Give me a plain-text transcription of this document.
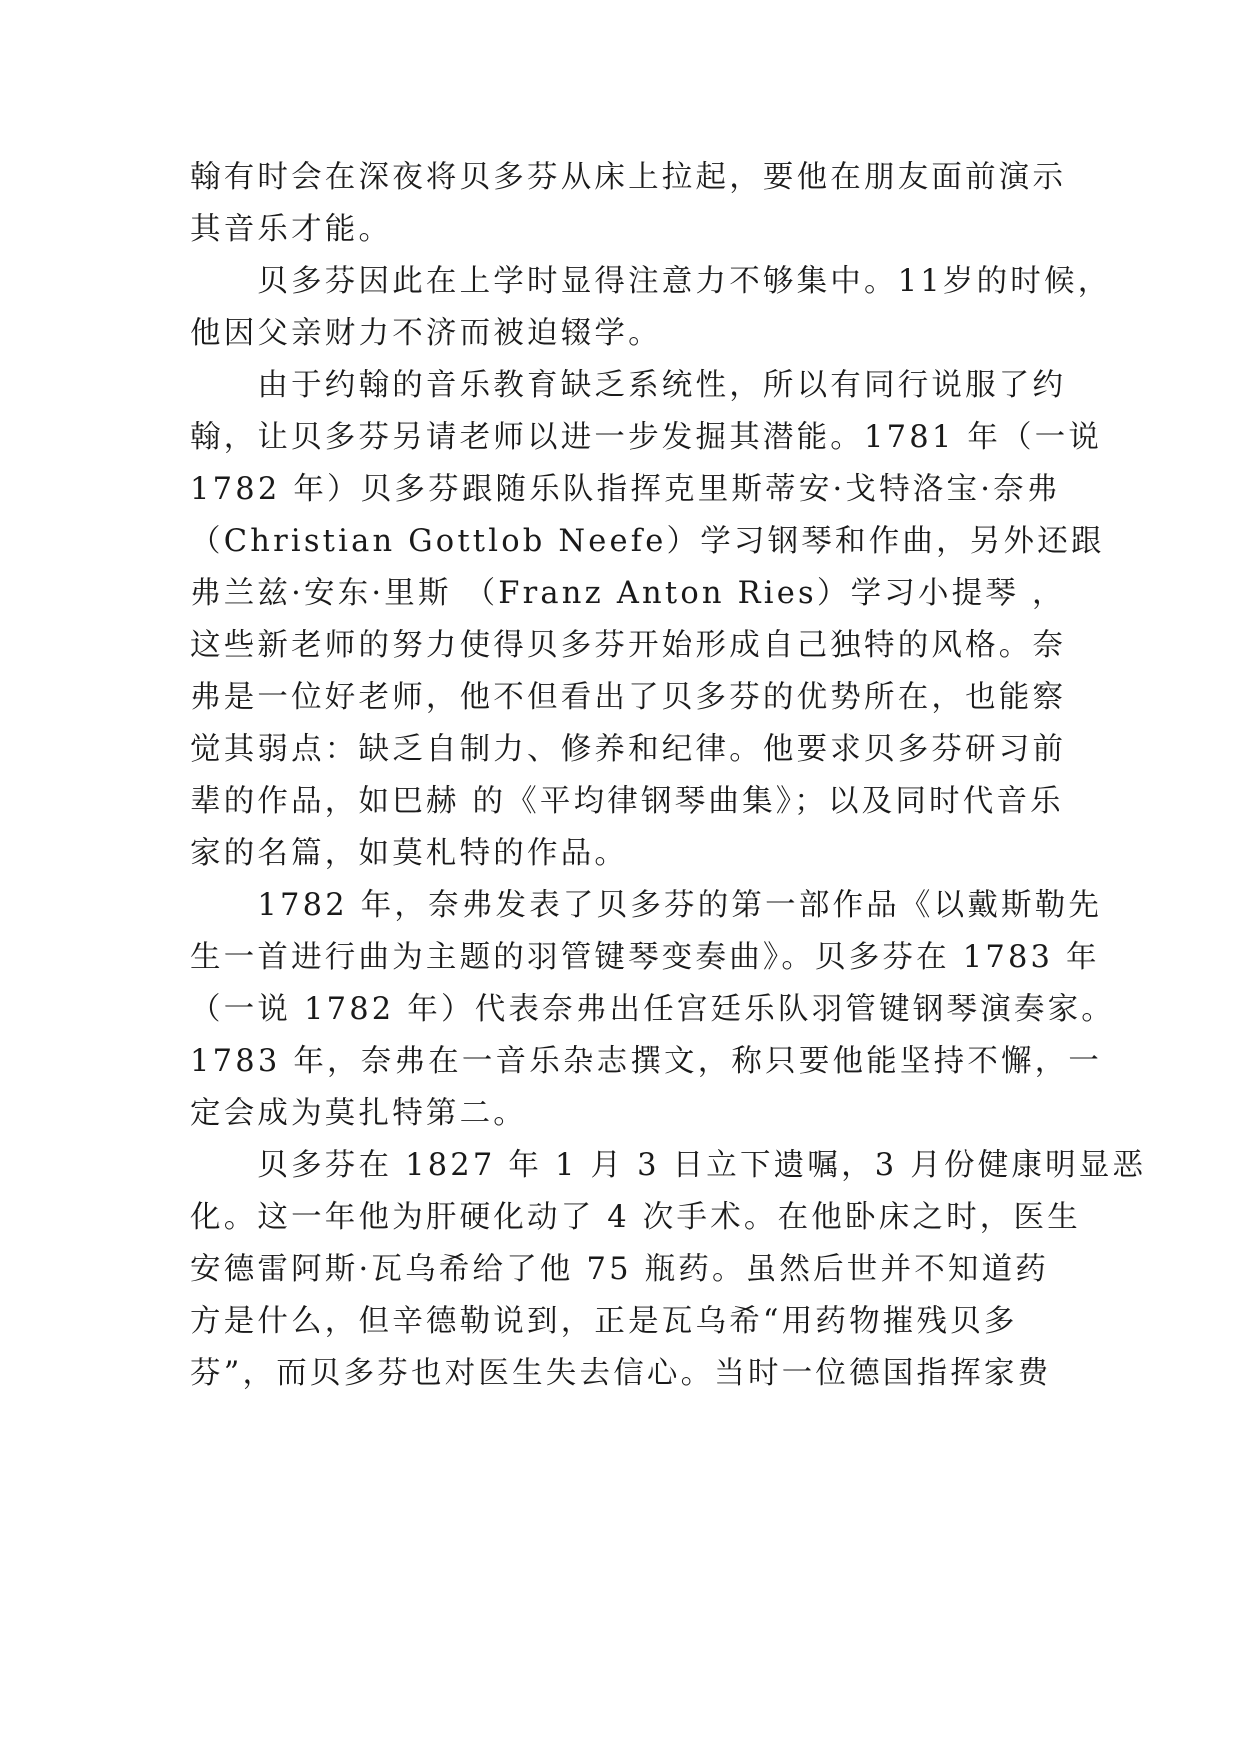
翰有时会在深夜将贝多芬从床上拉起，要他在朋友面前演示
其音乐才能。
　　贝多芬因此在上学时显得注意力不够集中。11岁的时候，
他因父亲财力不济而被迫辍学。
　　由于约翰的音乐教育缺乏系统性，所以有同行说服了约
翰，让贝多芬另请老师以进一步发掘其潜能。1781 年（一说
1782 年）贝多芬跟随乐队指挥克里斯蒂安·戈特洛宝·奈弗
（Christian Gottlob Neefe）学习钢琴和作曲，另外还跟
弗兰兹·安东·里斯 （Franz Anton Ries）学习小提琴 ，
这些新老师的努力使得贝多芬开始形成自己独特的风格。奈
弗是一位好老师，他不但看出了贝多芬的优势所在，也能察
觉其弱点：缺乏自制力、修养和纪律。他要求贝多芬研习前
辈的作品，如巴赫 的《平均律钢琴曲集》；以及同时代音乐
家的名篇，如莫札特的作品。
　　1782 年，奈弗发表了贝多芬的第一部作品《以戴斯勒先
生一首进行曲为主题的羽管键琴变奏曲》。贝多芬在 1783 年
（一说 1782 年）代表奈弗出任宫廷乐队羽管键钢琴演奏家。
1783 年，奈弗在一音乐杂志撰文，称只要他能坚持不懈，一
定会成为莫扎特第二。
　　贝多芬在 1827 年 1 月 3 日立下遗嘱，3 月份健康明显恶
化。这一年他为肝硬化动了 4 次手术。在他卧床之时，医生
安德雷阿斯·瓦乌希给了他 75 瓶药。虽然后世并不知道药
方是什么，但辛德勒说到，正是瓦乌希“用药物摧残贝多
芬”，而贝多芬也对医生失去信心。当时一位德国指挥家费
